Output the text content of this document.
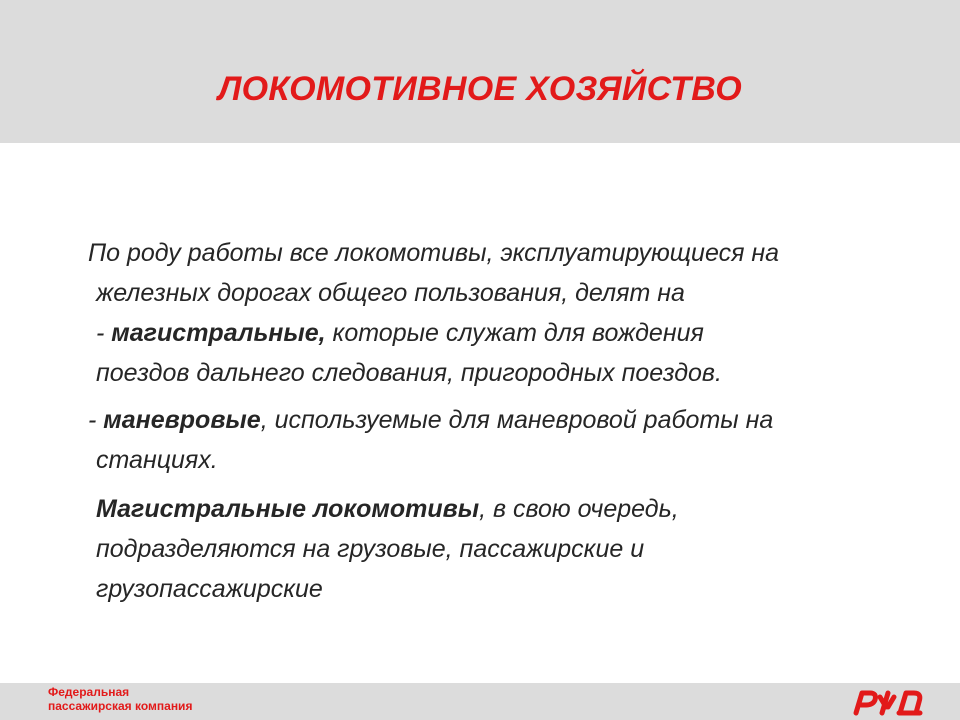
ЛОКОМОТИВНОЕ ХОЗЯЙСТВО
По роду работы все локомотивы, эксплуатирующиеся на
железных дорогах общего пользования, делят на
- магистральные, которые служат для вождения
поездов дальнего следования, пригородных поездов.
- маневровые, используемые для маневровой работы на
станциях.
Магистральные локомотивы, в свою очередь,
подразделяются на грузовые, пассажирские и
грузопассажирские
Федеральная
пассажирская компания
